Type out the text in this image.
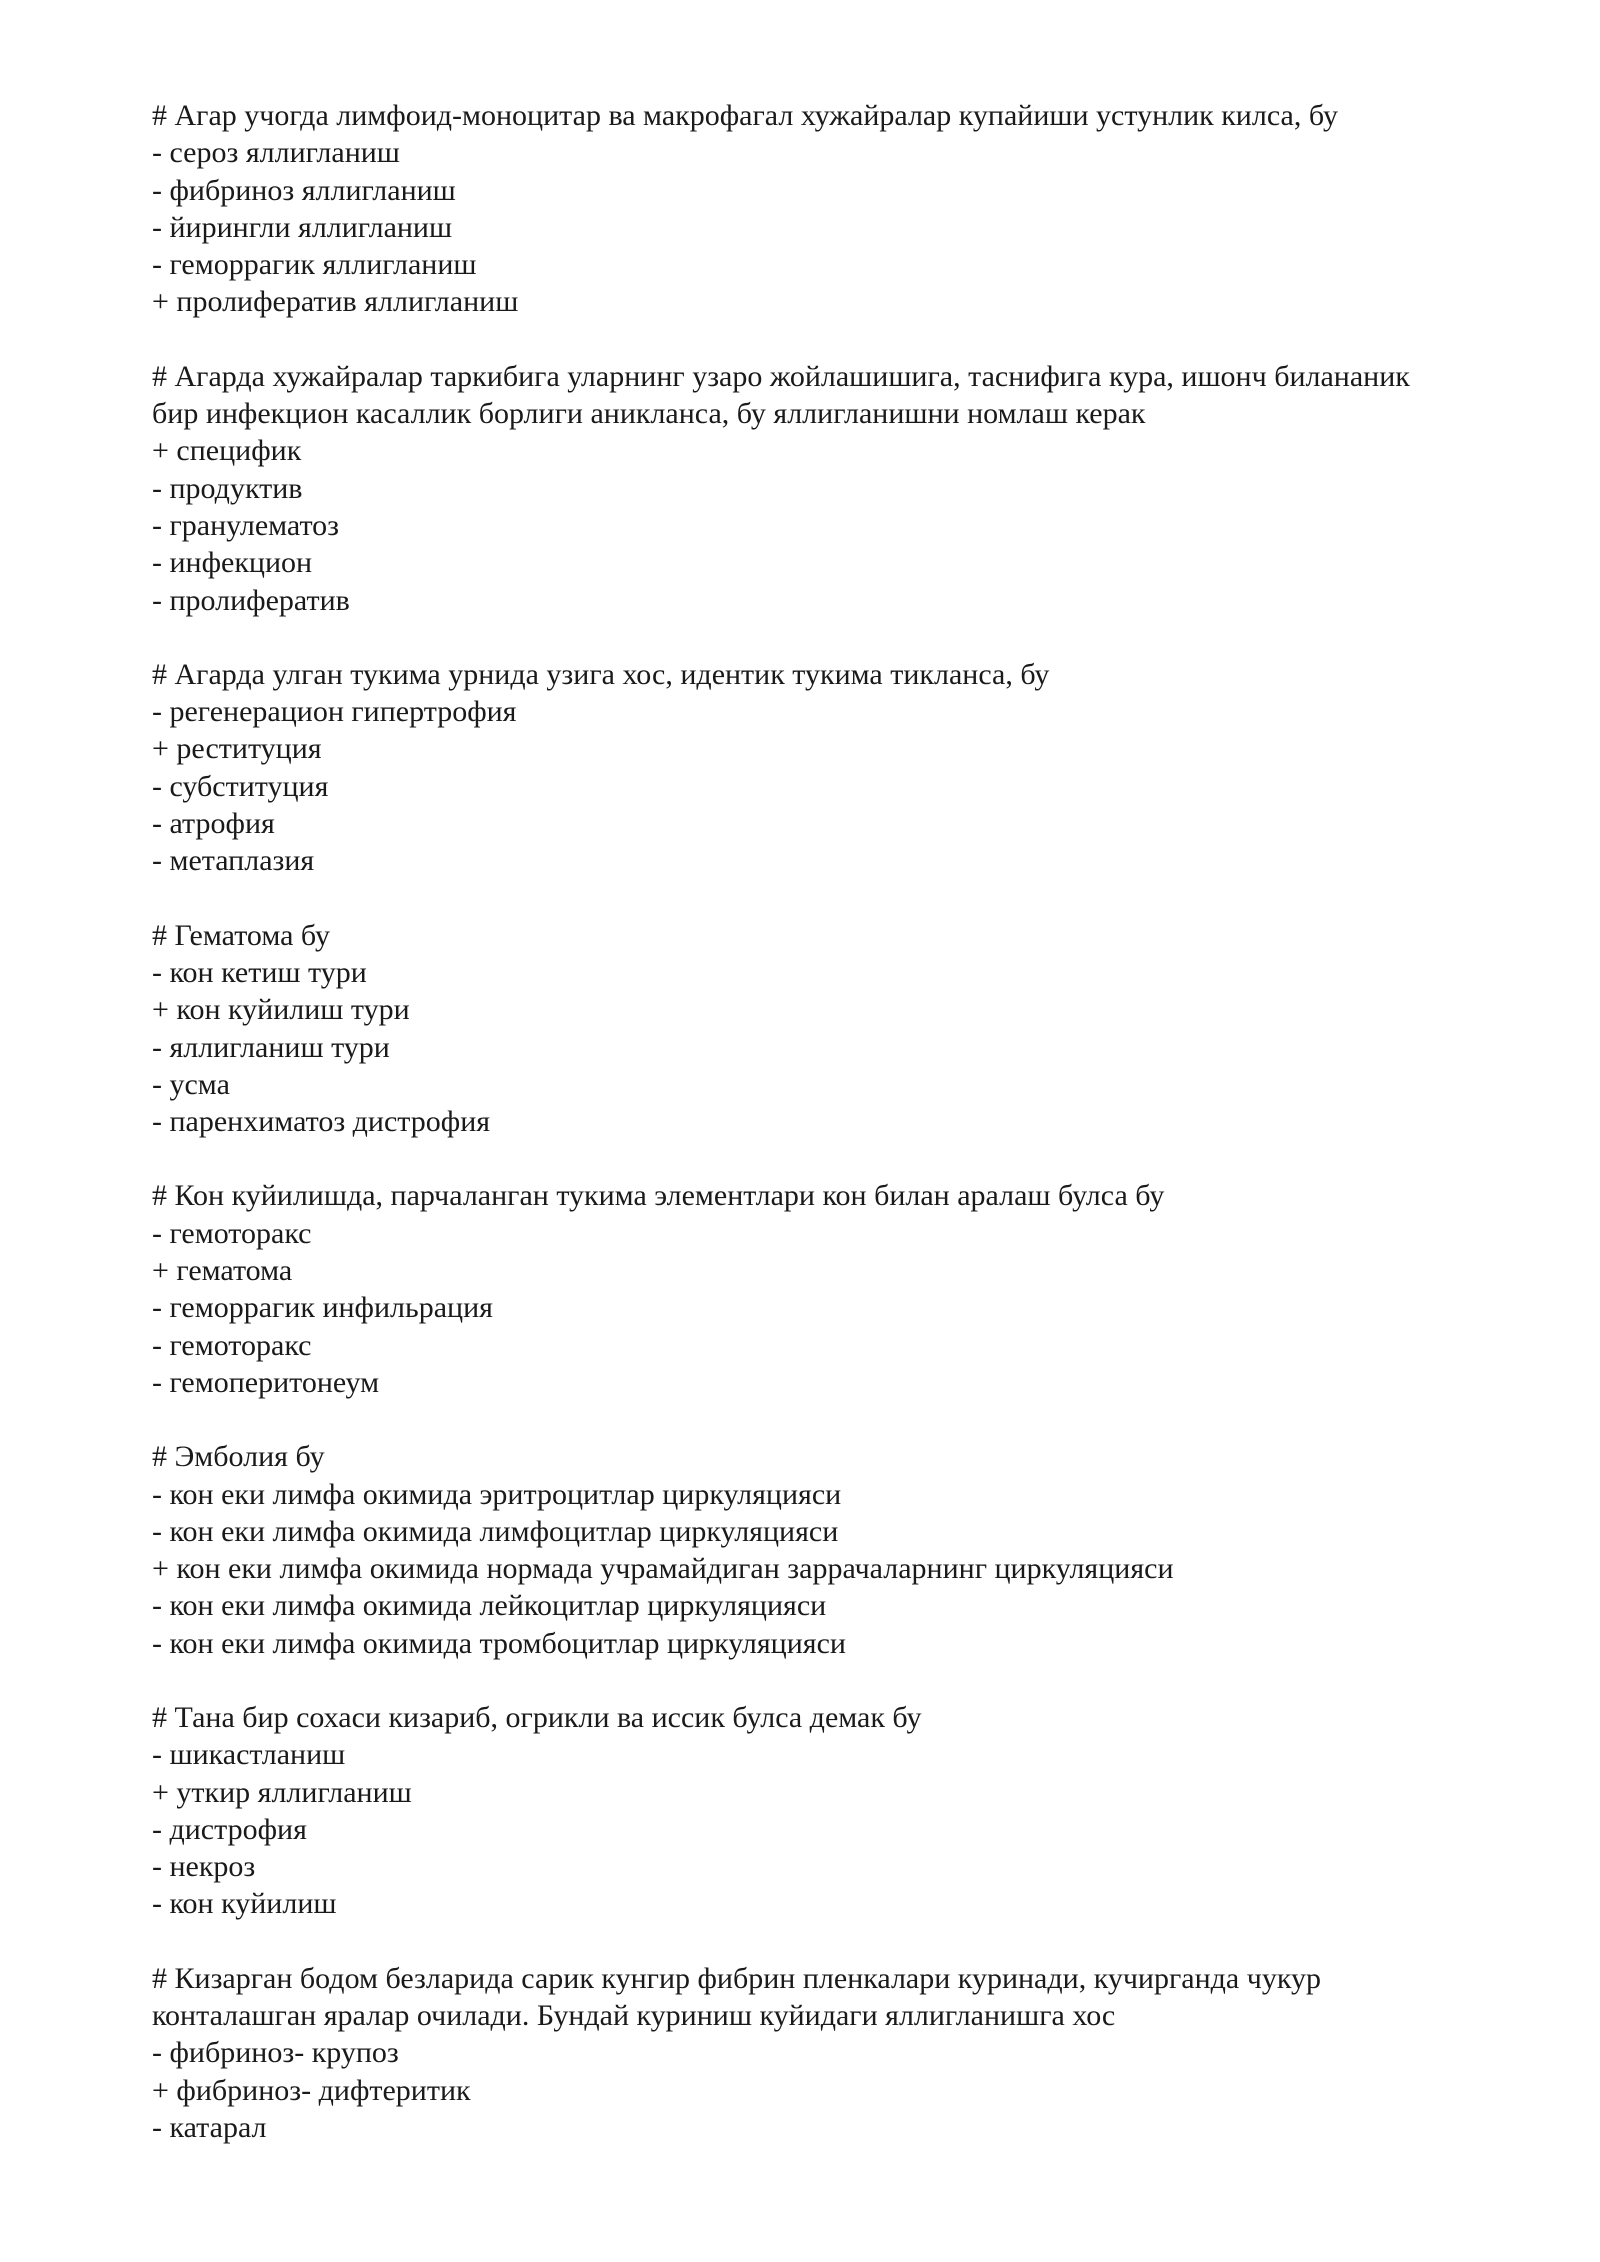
# Агар учогда лимфоид-моноцитар ва макрофагал хужайралар купайиши устунлик килса, бу

- сероз яллигланиш

- фибриноз яллигланиш

- йирингли яллигланиш

- геморрагик яллигланиш

+ пролифератив яллигланиш

# Агарда хужайралар таркибига уларнинг узаро жойлашишига, таснифига кура, ишонч билананик

бир инфекцион касаллик борлиги аникланса, бу яллигланишни номлаш керак

+ специфик

- продуктив

- гранулематоз

- инфекцион

- пролифератив

# Агарда улган тукима урнида узига хос, идентик тукима тикланса, бу

- регенерацион гипертрофия

+ реституция

- субституция

- атрофия

- метаплазия

# Гематома бу

- кон кетиш тури

+ кон куйилиш тури

- яллигланиш тури

- усма

- паренхиматоз дистрофия

# Кон куйилишда, парчаланган тукима элементлари кон билан аралаш булса бу

- гемоторакс

+ гематома

- геморрагик инфильрация

- гемоторакс

- гемоперитонеум

# Эмболия бу

- кон еки лимфа окимида эритроцитлар циркуляцияси

- кон еки лимфа окимида лимфоцитлар циркуляцияси

+ кон еки лимфа окимида нормада учрамайдиган заррачаларнинг циркуляцияси

- кон еки лимфа окимида лейкоцитлар циркуляцияси

- кон еки лимфа окимида тромбоцитлар циркуляцияси

# Тана бир сохаси кизариб, огрикли ва иссик булса демак бу

- шикастланиш

+ уткир яллигланиш

- дистрофия

- некроз

- кон куйилиш

# Кизарган бодом безларида сарик кунгир фибрин пленкалари куринади, кучирганда чукур

конталашган яралар очилади. Бундай куриниш куйидаги яллигланишга хос

- фибриноз- крупоз

+ фибриноз- дифтеритик

- катарал
